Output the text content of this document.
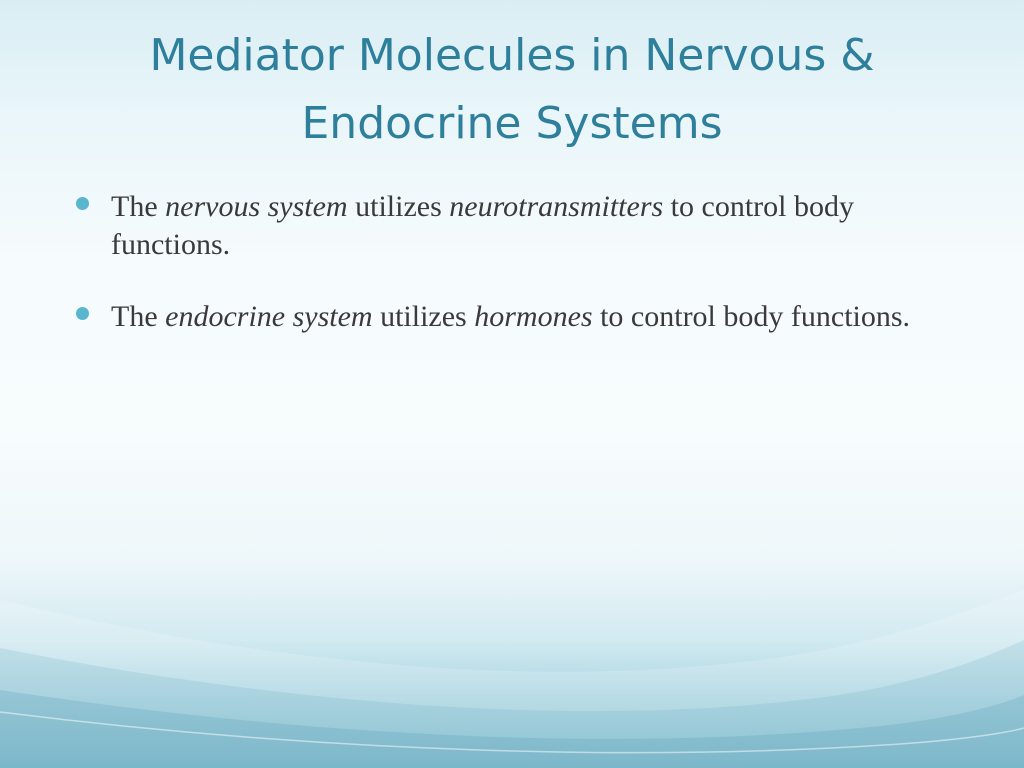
Mediator Molecules in Nervous &
Endocrine Systems
The nervous system utilizes neurotransmitters to control body functions.
The endocrine system utilizes hormones to control body functions.
